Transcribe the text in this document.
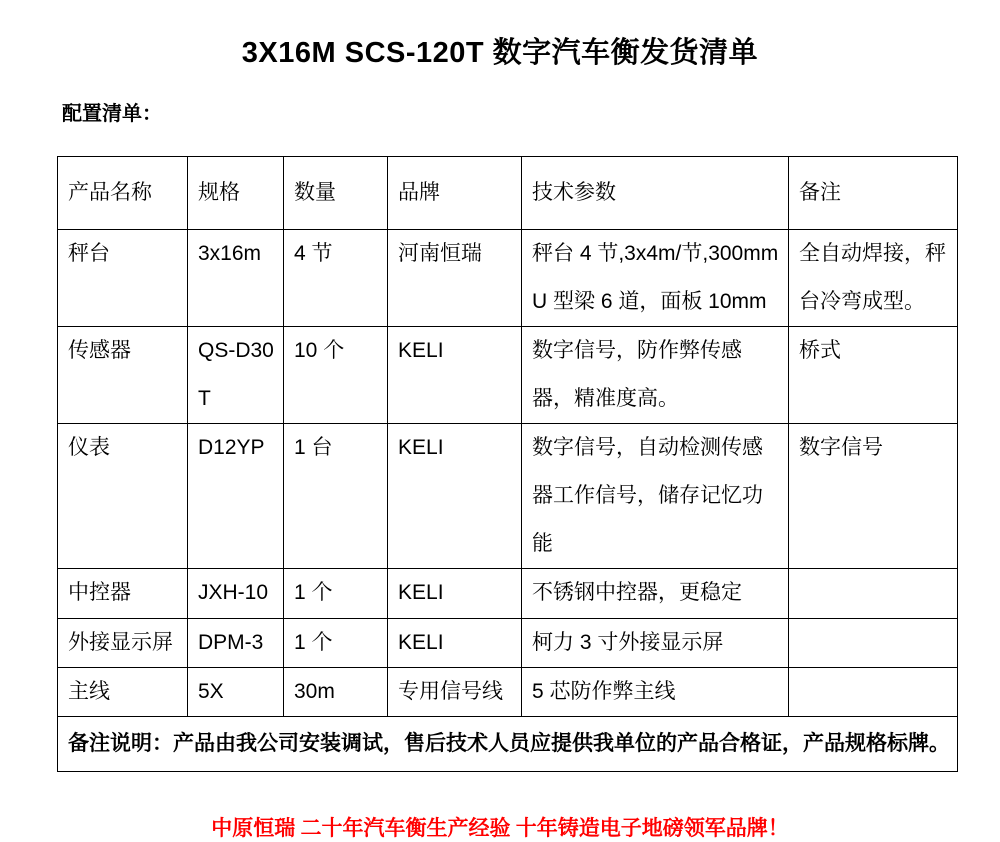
3X16M SCS-120T 数字汽车衡发货清单
配置清单：
产品名称	规格	数量	品牌	技术参数	备注
秤台	3x16m	4 节	河南恒瑞	秤台 4 节,3x4m/节,300mmU 型梁 6 道，面板 10mm	全自动焊接，秤台冷弯成型。
传感器	QS-D30T	10 个	KELI	数字信号，防作弊传感器，精准度高。	桥式
仪表	D12YP	1 台	KELI	数字信号，自动检测传感器工作信号，储存记忆功能	数字信号
中控器	JXH-10	1 个	KELI	不锈钢中控器，更稳定	
外接显示屏	DPM-3	1 个	KELI	柯力 3 寸外接显示屏	
主线	5X	30m	专用信号线	5 芯防作弊主线	
备注说明：产品由我公司安装调试，售后技术人员应提供我单位的产品合格证，产品规格标牌。					
中原恒瑞 二十年汽车衡生产经验 十年铸造电子地磅领军品牌！
